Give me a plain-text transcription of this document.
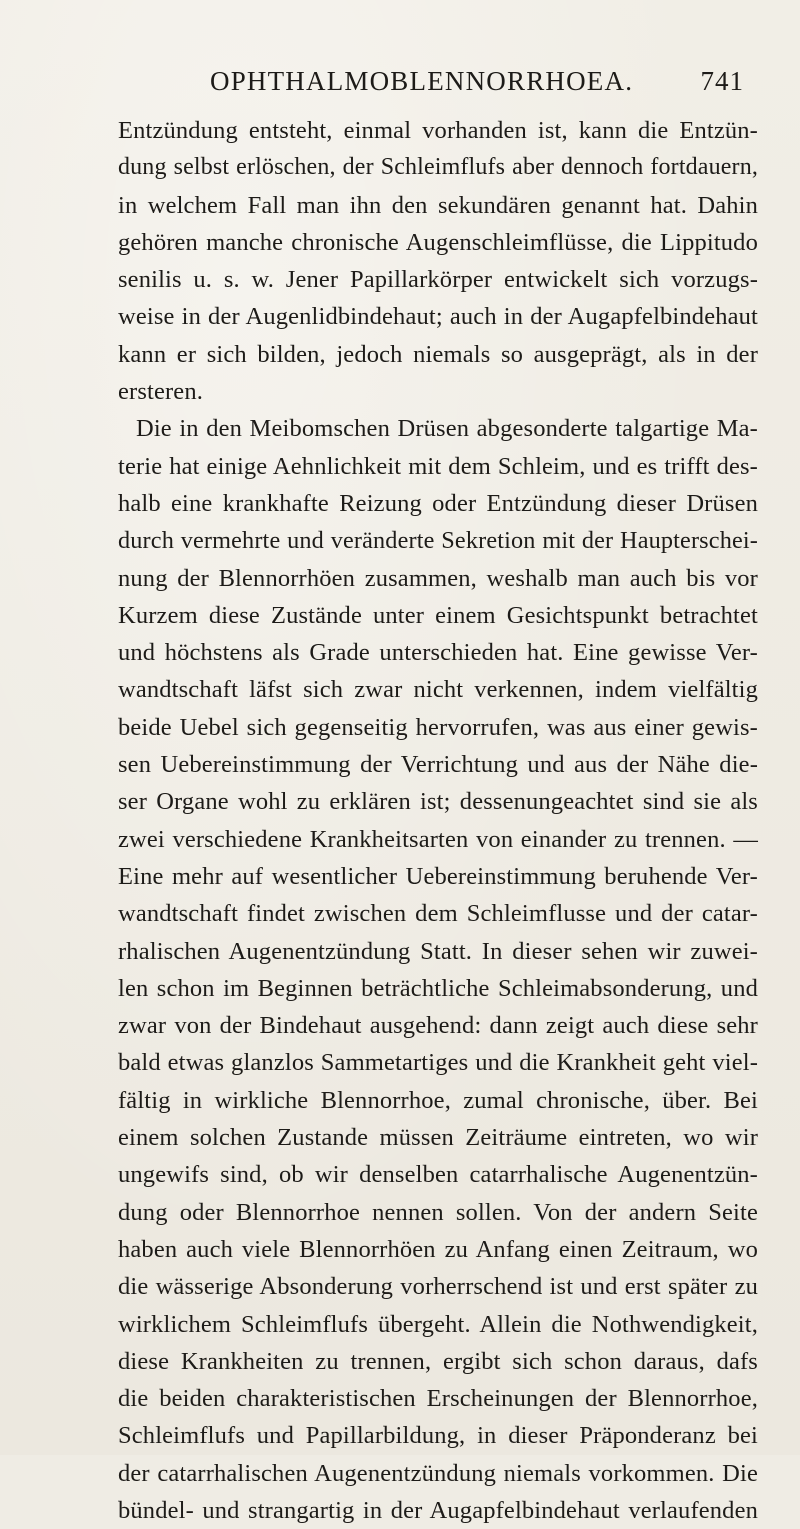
OPHTHALMOBLENNORRHOEA. 741
Entzündung entsteht, einmal vorhanden ist, kann die Entzün-
dung selbst erlöschen, der Schleimflufs aber dennoch fortdauern,
in welchem Fall man ihn den sekundären genannt hat. Dahin
gehören manche chronische Augenschleimflüsse, die Lippitudo
senilis u. s. w. Jener Papillarkörper entwickelt sich vorzugs-
weise in der Augenlidbindehaut; auch in der Augapfelbindehaut
kann er sich bilden, jedoch niemals so ausgeprägt, als in der
ersteren.
Die in den Meibomschen Drüsen abgesonderte talgartige Ma-
terie hat einige Aehnlichkeit mit dem Schleim, und es trifft des-
halb eine krankhafte Reizung oder Entzündung dieser Drüsen
durch vermehrte und veränderte Sekretion mit der Haupterschei-
nung der Blennorrhöen zusammen, weshalb man auch bis vor
Kurzem diese Zustände unter einem Gesichtspunkt betrachtet
und höchstens als Grade unterschieden hat. Eine gewisse Ver-
wandtschaft läfst sich zwar nicht verkennen, indem vielfältig
beide Uebel sich gegenseitig hervorrufen, was aus einer gewis-
sen Uebereinstimmung der Verrichtung und aus der Nähe die-
ser Organe wohl zu erklären ist; dessenungeachtet sind sie als
zwei verschiedene Krankheitsarten von einander zu trennen. —
Eine mehr auf wesentlicher Uebereinstimmung beruhende Ver-
wandtschaft findet zwischen dem Schleimflusse und der catar-
rhalischen Augenentzündung Statt. In dieser sehen wir zuwei-
len schon im Beginnen beträchtliche Schleimabsonderung, und
zwar von der Bindehaut ausgehend: dann zeigt auch diese sehr
bald etwas glanzlos Sammetartiges und die Krankheit geht viel-
fältig in wirkliche Blennorrhoe, zumal chronische, über. Bei
einem solchen Zustande müssen Zeiträume eintreten, wo wir
ungewifs sind, ob wir denselben catarrhalische Augenentzün-
dung oder Blennorrhoe nennen sollen. Von der andern Seite
haben auch viele Blennorrhöen zu Anfang einen Zeitraum, wo
die wässerige Absonderung vorherrschend ist und erst später zu
wirklichem Schleimflufs übergeht. Allein die Nothwendigkeit,
diese Krankheiten zu trennen, ergibt sich schon daraus, dafs
die beiden charakteristischen Erscheinungen der Blennorrhoe,
Schleimflufs und Papillarbildung, in dieser Präponderanz bei
der catarrhalischen Augenentzündung niemals vorkommen. Die
bündel- und strangartig in der Augapfelbindehaut verlaufenden
